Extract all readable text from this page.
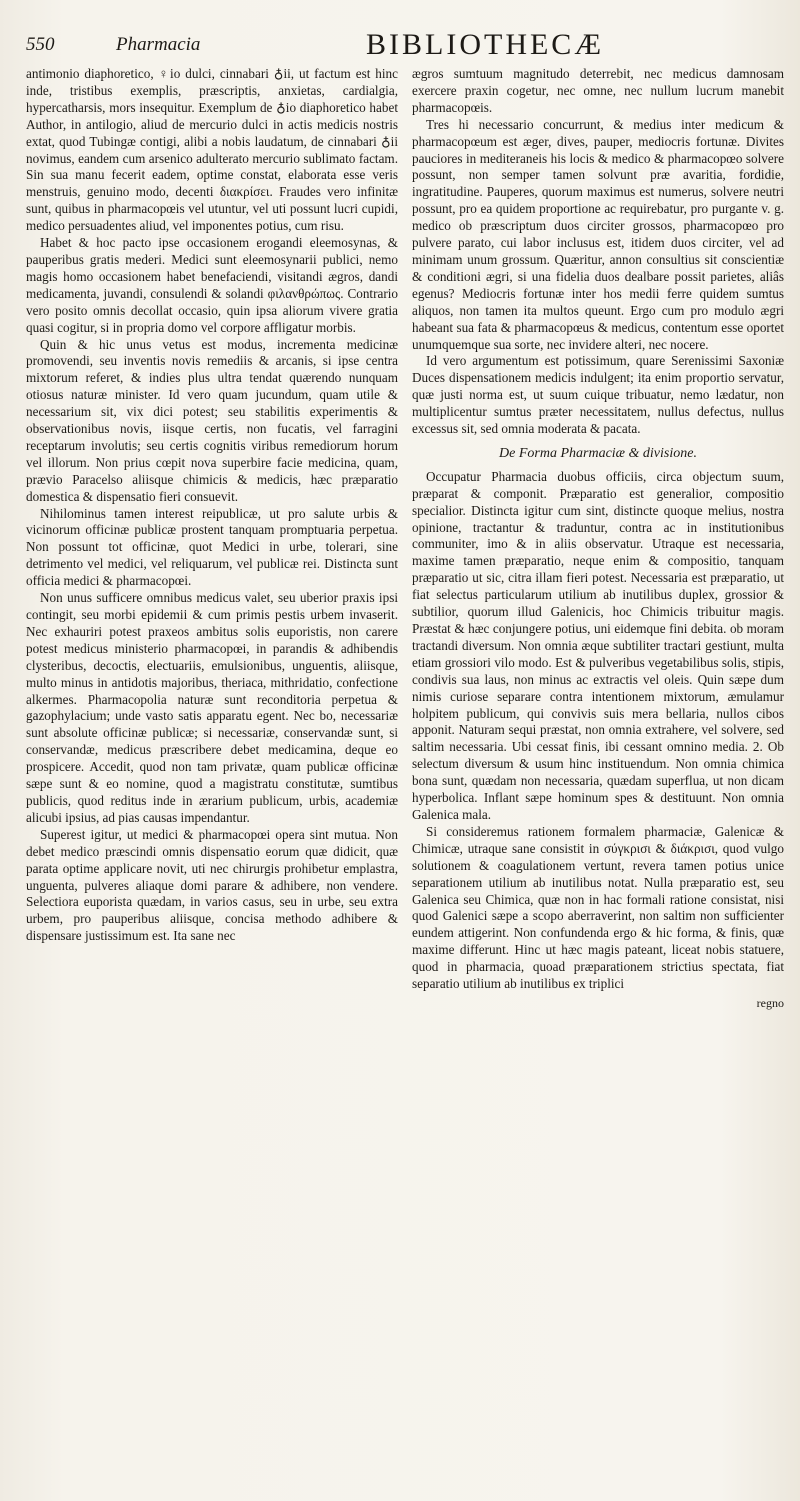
550	Pharmacia	BIBLIOTHECÆ

antimonio diaphoretico, ♀io dulci, cinnabari ♁ii, ut factum est hinc inde, tristibus exemplis, præscriptis, anxietas, cardialgia, hypercatharsis, mors insequitur. Exemplum de ♁io diaphoretico habet Author, in antilogio, aliud de mercurio dulci in actis medicis nostris extat, quod Tubingæ contigi, alibi a nobis laudatum, de cinnabari ♁ii novimus, eandem cum arsenico adulterato mercurio sublimato factam. Sin sua manu fecerit eadem, optime constat, elaborata esse veris menstruis, genuino modo, decenti διακρίσει. Fraudes vero infinitæ sunt, quibus in pharmacopœis vel utuntur, vel uti possunt lucri cupidi, medico persuadentes aliud, vel imponentes potius, cum risu.

Habet & hoc pacto ipse occasionem erogandi eleemosynas, & pauperibus gratis mederi. Medici sunt eleemosynarii publici, nemo magis homo occasionem habet benefaciendi, visitandi ægros, dandi medicamenta, juvandi, consulendi & solandi φιλανθρώπως. Contrario vero posito omnis decollat occasio, quin ipsa aliorum vivere gratia quasi cogitur, si in propria domo vel corpore affligatur morbis.

Quin & hic unus vetus est modus, incrementa medicinæ promovendi, seu inventis novis remediis & arcanis, si ipse centra mixtorum referet, & indies plus ultra tendat quærendo nunquam otiosus naturæ minister. Id vero quam jucundum, quam utile & necessarium sit, vix dici potest; seu stabilitis experimentis & observationibus novis, iisque certis, non fucatis, vel farragini receptarum involutis; seu certis cognitis viribus remediorum horum vel illorum. Non prius cœpit nova superbire facie medicina, quam, prævio Paracelso aliisque chimicis & medicis, hæc præparatio domestica & dispensatio fieri consuevit.

Nihilominus tamen interest reipublicæ, ut pro salute urbis & vicinorum officinæ publicæ prostent tanquam promptuaria perpetua. Non possunt tot officinæ, quot Medici in urbe, tolerari, sine detrimento vel medici, vel reliquarum, vel publicæ rei. Distincta sunt officia medici & pharmacopœi.

Non unus sufficere omnibus medicus valet, seu uberior praxis ipsi contingit, seu morbi epidemii & cum primis pestis urbem invaserit. Nec exhauriri potest praxeos ambitus solis euporistis, non carere potest medicus ministerio pharmacopœi, in parandis & adhibendis clysteribus, decoctis, electuariis, emulsionibus, unguentis, aliisque, multo minus in antidotis majoribus, theriaca, mithridatio, confectione alkermes. Pharmacopolia naturæ sunt reconditoria perpetua & gazophylacium; unde vasto satis apparatu egent. Nec bo, necessariæ sunt absolute officinæ publicæ; si necessariæ, conservandæ sunt, si conservandæ, medicus præscribere debet medicamina, deque eo prospicere. Accedit, quod non tam privatæ, quam publicæ officinæ sæpe sunt & eo nomine, quod a magistratu constitutæ, sumtibus publicis, quod reditus inde in ærarium publicum, urbis, academiæ alicubi ipsius, ad pias causas impendantur.

Superest igitur, ut medici & pharmacopœi opera sint mutua. Non debet medico præscindi omnis dispensatio eorum quæ didicit, quæ parata optime applicare novit, uti nec chirurgis prohibetur emplastra, unguenta, pulveres aliaque domi parare & adhibere, non vendere. Selectiora euporista quædam, in varios casus, seu in urbe, seu extra urbem, pro pauperibus aliisque, concisa methodo adhibere & dispensare justissimum est. Ita sane nec

ægros sumtuum magnitudo deterrebit, nec medicus damnosam exercere praxin cogetur, nec omne, nec nullum lucrum manebit pharmacopœis.

Tres hi necessario concurrunt, & medius inter medicum & pharmacopœum est æger, dives, pauper, mediocris fortunæ. Divites pauciores in mediteraneis his locis & medico & pharmacopœo solvere possunt, non semper tamen solvunt præ avaritia, fordidie, ingratitudine. Pauperes, quorum maximus est numerus, solvere neutri possunt, pro ea quidem proportione ac requirebatur, pro purgante v. g. medico ob præscriptum duos circiter grossos, pharmacopœo pro pulvere parato, cui labor inclusus est, itidem duos circiter, vel ad minimam unum grossum. Quæritur, annon consultius sit conscientiæ & conditioni ægri, si una fidelia duos dealbare possit parietes, aliâs egenus? Mediocris fortunæ inter hos medii ferre quidem sumtus aliquos, non tamen ita multos queunt. Ergo cum pro modulo ægri habeant sua fata & pharmacopœus & medicus, contentum esse oportet unumquemque sua sorte, nec invidere alteri, nec nocere.

Id vero argumentum est potissimum, quare Serenissimi Saxoniæ Duces dispensationem medicis indulgent; ita enim proportio servatur, quæ justi norma est, ut suum cuique tribuatur, nemo lædatur, non multiplicentur sumtus præter necessitatem, nullus defectus, nullus excessus sit, sed omnia moderata & pacata.

De Forma Pharmaciæ & divisione.

Occupatur Pharmacia duobus officiis, circa objectum suum, præparat & componit. Præparatio est generalior, compositio specialior. Distincta igitur cum sint, distincte quoque melius, nostra opinione, tractantur & traduntur, contra ac in institutionibus communiter, imo & in aliis observatur. Utraque est necessaria, maxime tamen præparatio, neque enim & compositio, tanquam præparatio ut sic, citra illam fieri potest. Necessaria est præparatio, ut fiat selectus particularum utilium ab inutilibus duplex, grossior & subtilior, quorum illud Galenicis, hoc Chimicis tribuitur magis. Præstat & hæc conjungere potius, uni eidemque fini debita. ob moram tractandi diversum. Non omnia æque subtiliter tractari gestiunt, multa etiam grossiori vilo modo. Est & pulveribus vegetabilibus solis, stipis, condivis sua laus, non minus ac extractis vel oleis. Quin sæpe dum nimis curiose separare contra intentionem mixtorum, æmulamur holpitem publicum, qui convivis suis mera bellaria, nullos cibos apponit. Naturam sequi præstat, non omnia extrahere, vel solvere, sed saltim necessaria. Ubi cessat finis, ibi cessant omnino media. 2. Ob selectum diversum & usum hinc instituendum. Non omnia chimica bona sunt, quædam non necessaria, quædam superflua, ut non dicam hyperbolica. Inflant sæpe hominum spes & destituunt. Non omnia Galenica mala.

Si consideremus rationem formalem pharmaciæ, Galenicæ & Chimicæ, utraque sane consistit in σύγκρισι & διάκρισι, quod vulgo solutionem & coagulationem vertunt, revera tamen potius unice separationem utilium ab inutilibus notat. Nulla præparatio est, seu Galenica seu Chimica, quæ non in hac formali ratione consistat, nisi quod Galenici sæpe a scopo aberraverint, non saltim non sufficienter eundem attigerint. Non confundenda ergo & hic forma, & finis, quæ maxime differunt. Hinc ut hæc magis pateant, liceat nobis statuere, quod in pharmacia, quoad præparationem strictius spectata, fiat separatio utilium ab inutilibus ex triplici

regno
